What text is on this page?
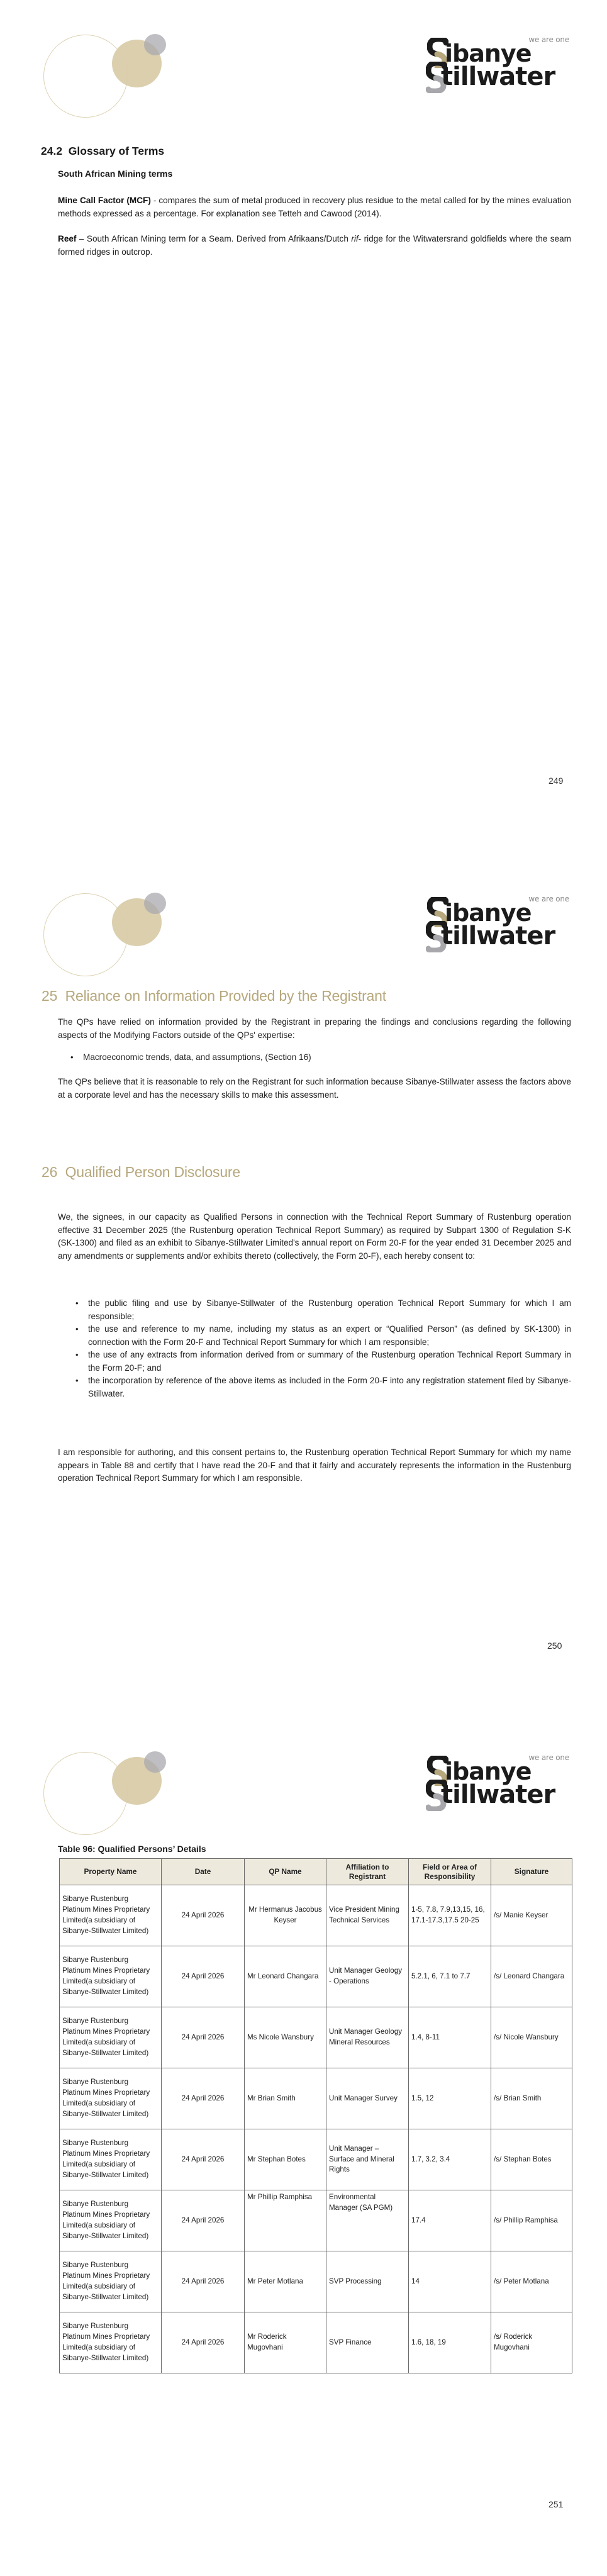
we are one
ibanye
tillwater
24.2  Glossary of Terms
South African Mining terms
Mine Call Factor (MCF) - compares the sum of metal produced in recovery plus residue to the metal called for by the mines evaluation methods expressed as a percentage. For explanation see Tetteh and Cawood (2014).
Reef – South African Mining term for a Seam. Derived from Afrikaans/Dutch rif- ridge for the Witwatersrand goldfields where the seam formed ridges in outcrop.
249
we are one
ibanye
tillwater
25  Reliance on Information Provided by the Registrant
The QPs have relied on information provided by the Registrant in preparing the findings and conclusions regarding the following aspects of the Modifying Factors outside of the QPs' expertise:
• Macroeconomic trends, data, and assumptions, (Section 16)
The QPs believe that it is reasonable to rely on the Registrant for such information because Sibanye-Stillwater assess the factors above at a corporate level and has the necessary skills to make this assessment.
26  Qualified Person Disclosure
We, the signees, in our capacity as Qualified Persons in connection with the Technical Report Summary of Rustenburg operation effective 31 December 2025 (the Rustenburg operation Technical Report Summary) as required by Subpart 1300 of Regulation S-K (SK-1300) and filed as an exhibit to Sibanye-Stillwater Limited's annual report on Form 20-F for the year ended 31 December 2025 and any amendments or supplements and/or exhibits thereto (collectively, the Form 20-F), each hereby consent to:
• the public filing and use by Sibanye-Stillwater of the Rustenburg operation Technical Report Summary for which I am responsible;
• the use and reference to my name, including my status as an expert or “Qualified Person” (as defined by SK-1300) in connection with the Form 20-F and Technical Report Summary for which I am responsible;
• the use of any extracts from information derived from or summary of the Rustenburg operation Technical Report Summary in the Form 20-F; and
• the incorporation by reference of the above items as included in the Form 20-F into any registration statement filed by Sibanye-Stillwater.
I am responsible for authoring, and this consent pertains to, the Rustenburg operation Technical Report Summary for which my name appears in Table 88 and certify that I have read the 20-F and that it fairly and accurately represents the information in the Rustenburg operation Technical Report Summary for which I am responsible.
250
we are one
ibanye
tillwater
Table 96: Qualified Persons’ Details
Property Name	Date	QP Name	Affiliation to Registrant	Field or Area of Responsibility	Signature
Sibanye Rustenburg Platinum Mines Proprietary Limited(a subsidiary of Sibanye-Stillwater Limited)	24 April 2026	Mr Hermanus Jacobus Keyser	Vice President Mining Technical Services	1-5, 7.8, 7.9,13,15, 16, 17.1-17.3,17.5 20-25	/s/ Manie Keyser
Sibanye Rustenburg Platinum Mines Proprietary Limited(a subsidiary of Sibanye-Stillwater Limited)	24 April 2026	Mr Leonard Changara	Unit Manager Geology - Operations	5.2.1, 6, 7.1 to 7.7	/s/ Leonard Changara
Sibanye Rustenburg Platinum Mines Proprietary Limited(a subsidiary of Sibanye-Stillwater Limited)	24 April 2026	Ms Nicole Wansbury	Unit Manager Geology Mineral Resources	1.4, 8-11	/s/ Nicole Wansbury
Sibanye Rustenburg Platinum Mines Proprietary Limited(a subsidiary of Sibanye-Stillwater Limited)	24 April 2026	Mr Brian Smith	Unit Manager Survey	1.5, 12	/s/ Brian Smith
Sibanye Rustenburg Platinum Mines Proprietary Limited(a subsidiary of Sibanye-Stillwater Limited)	24 April 2026	Mr Stephan Botes	Unit Manager – Surface and Mineral Rights	1.7, 3.2, 3.4	/s/ Stephan Botes
Sibanye Rustenburg Platinum Mines Proprietary Limited(a subsidiary of Sibanye-Stillwater Limited)	24 April 2026	Mr Phillip Ramphisa	Environmental Manager (SA PGM)	17.4	/s/ Phillip Ramphisa
Sibanye Rustenburg Platinum Mines Proprietary Limited(a subsidiary of Sibanye-Stillwater Limited)	24 April 2026	Mr Peter Motlana	SVP Processing	14	/s/ Peter Motlana
Sibanye Rustenburg Platinum Mines Proprietary Limited(a subsidiary of Sibanye-Stillwater Limited)	24 April 2026	Mr Roderick Mugovhani	SVP Finance	1.6, 18, 19	/s/ Roderick Mugovhani
251
